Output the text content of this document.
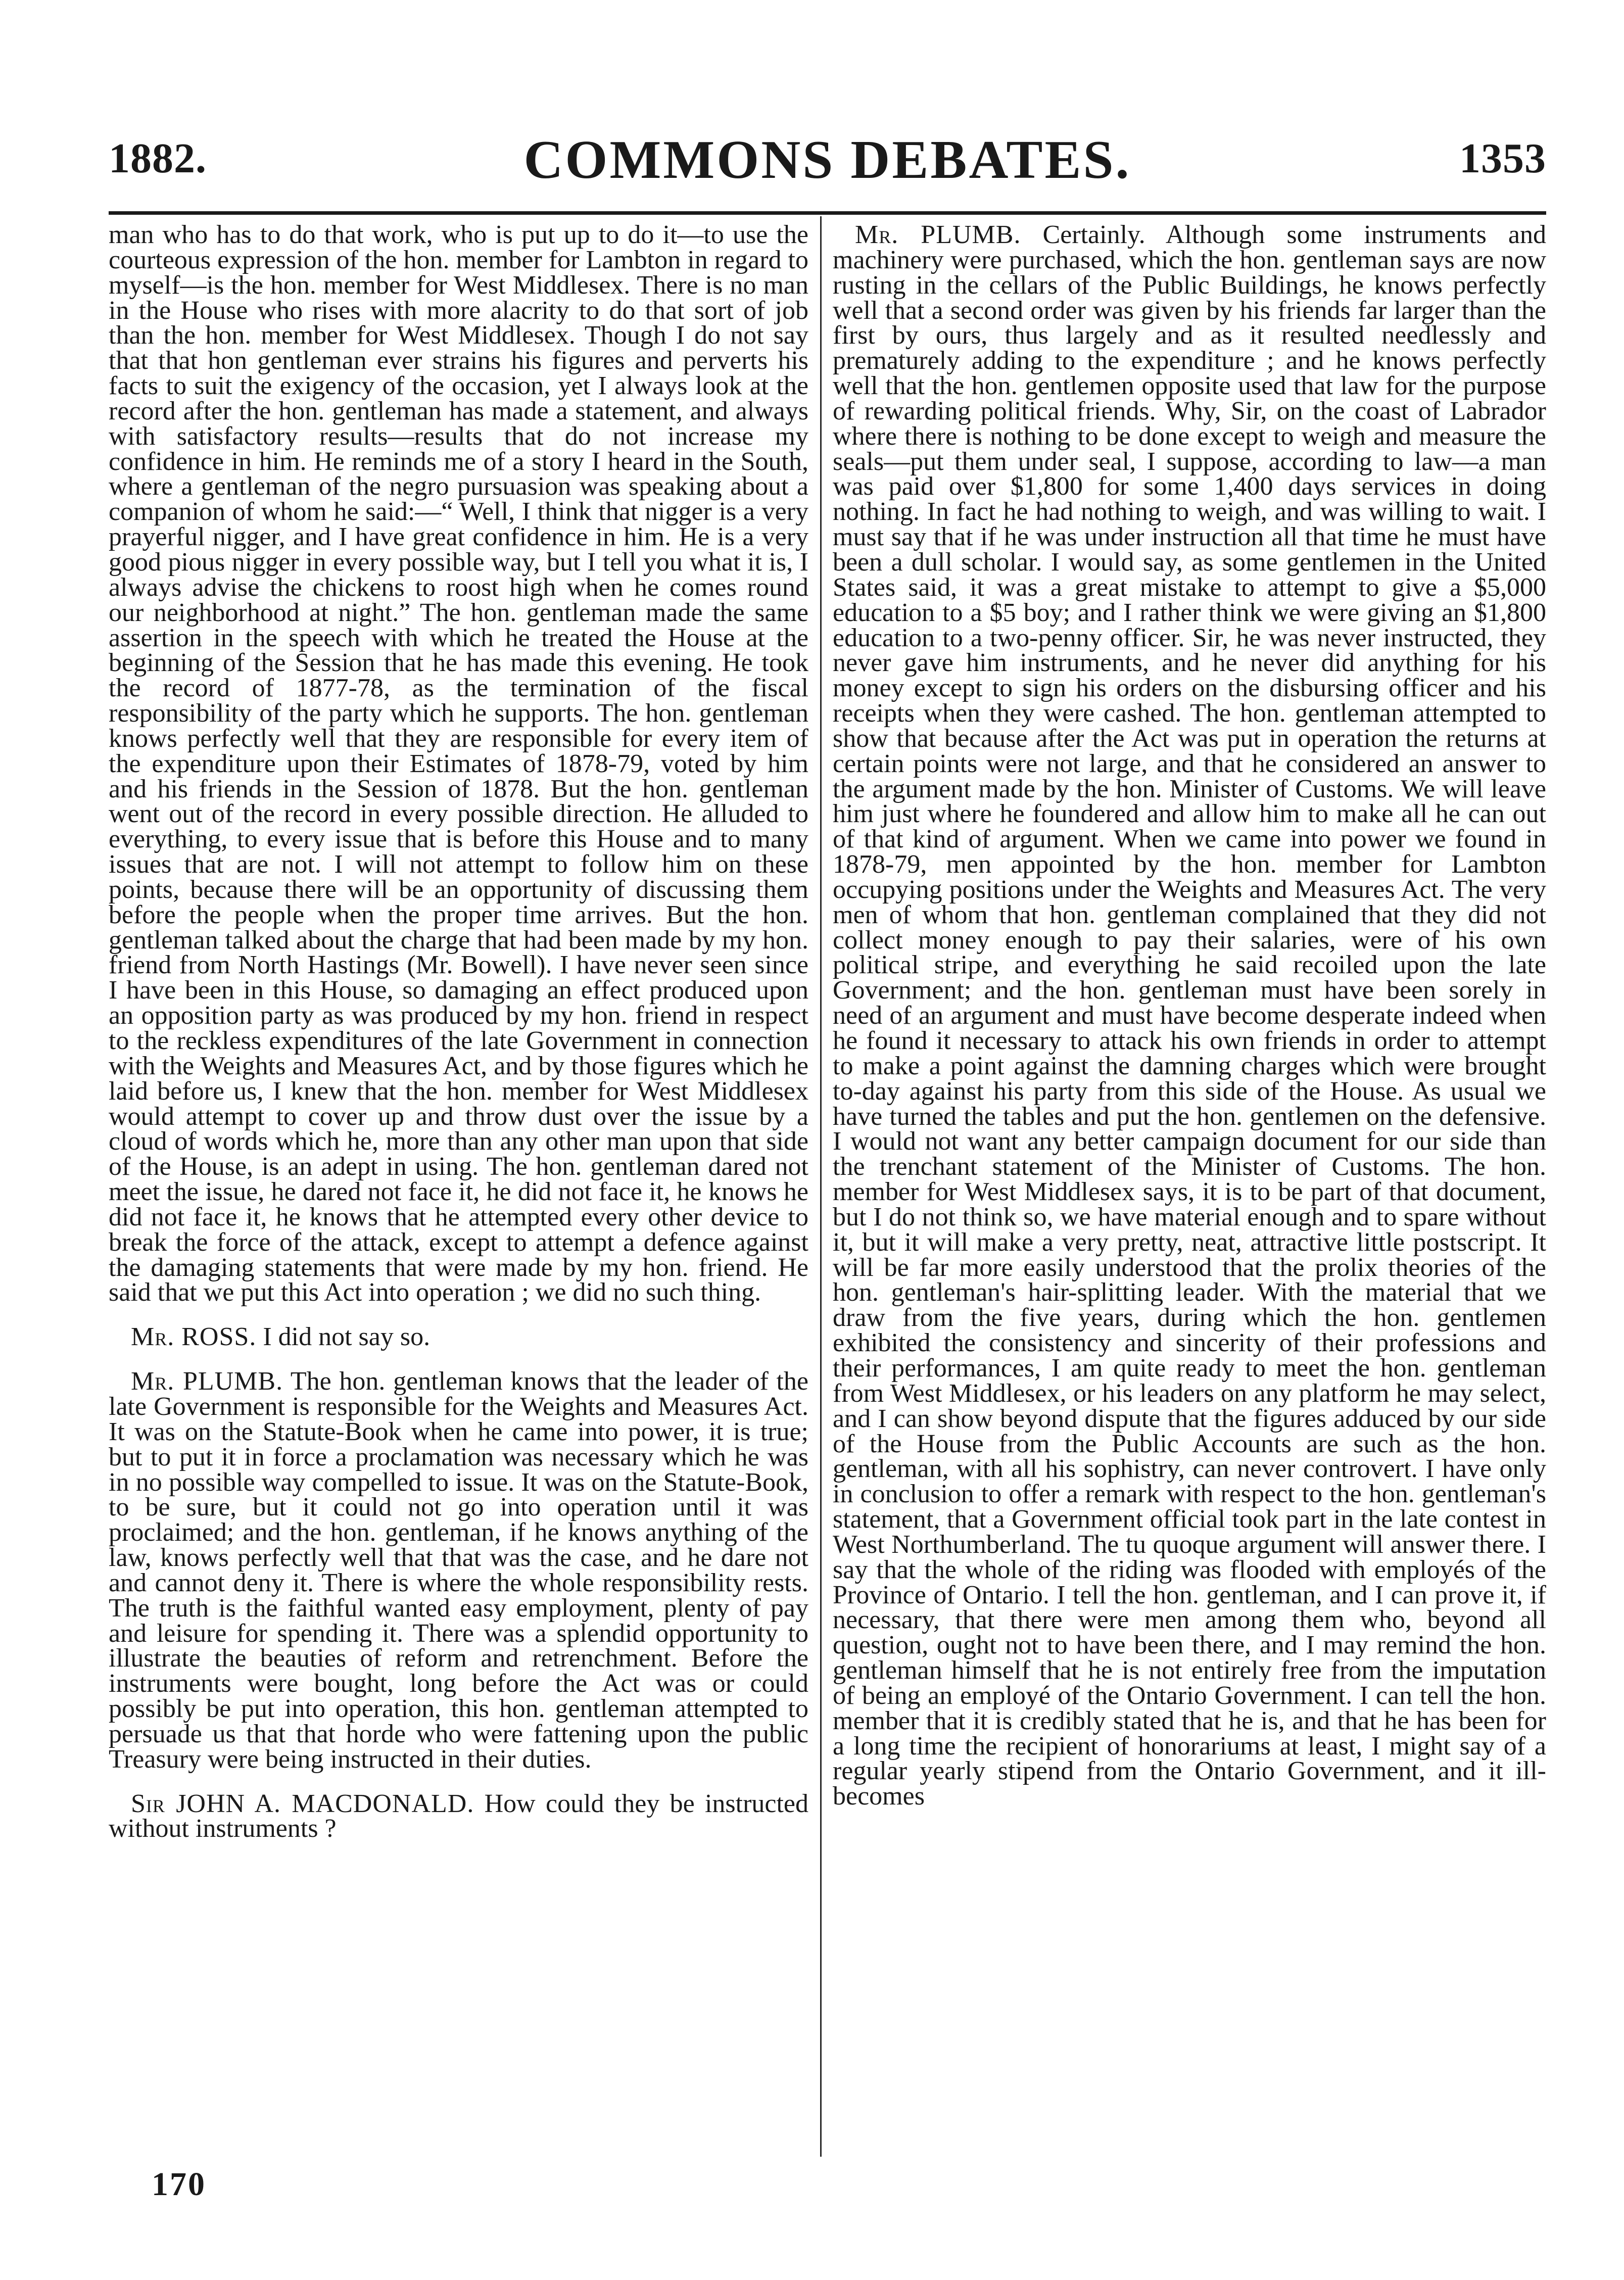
1882.	COMMONS DEBATES.	1353

man who has to do that work, who is put up to do it—to use the courteous expression of the hon. member for Lambton in regard to myself—is the hon. member for West Middlesex. There is no man in the House who rises with more alacrity to do that sort of job than the hon. member for West Middlesex. Though I do not say that that hon gentleman ever strains his figures and perverts his facts to suit the exigency of the occasion, yet I always look at the record after the hon. gentleman has made a statement, and always with satisfactory results—results that do not increase my confidence in him. He reminds me of a story I heard in the South, where a gentleman of the negro pursuasion was speaking about a companion of whom he said:—“ Well, I think that nigger is a very prayerful nigger, and I have great confidence in him. He is a very good pious nigger in every possible way, but I tell you what it is, I always advise the chickens to roost high when he comes round our neighborhood at night.” The hon. gentleman made the same assertion in the speech with which he treated the House at the beginning of the Session that he has made this evening. He took the record of 1877-78, as the termination of the fiscal responsibility of the party which he supports. The hon. gentleman knows perfectly well that they are responsible for every item of the expenditure upon their Estimates of 1878-79, voted by him and his friends in the Session of 1878. But the hon. gentleman went out of the record in every possible direction. He alluded to everything, to every issue that is before this House and to many issues that are not. I will not attempt to follow him on these points, because there will be an opportunity of discussing them before the people when the proper time arrives. But the hon. gentleman talked about the charge that had been made by my hon. friend from North Hastings (Mr. Bowell). I have never seen since I have been in this House, so damaging an effect produced upon an opposition party as was produced by my hon. friend in respect to the reckless expenditures of the late Government in connection with the Weights and Measures Act, and by those figures which he laid before us, I knew that the hon. member for West Middlesex would attempt to cover up and throw dust over the issue by a cloud of words which he, more than any other man upon that side of the House, is an adept in using. The hon. gentleman dared not meet the issue, he dared not face it, he did not face it, he knows he did not face it, he knows that he attempted every other device to break the force of the attack, except to attempt a defence against the damaging statements that were made by my hon. friend. He said that we put this Act into operation ; we did no such thing.

Mr. ROSS. I did not say so.

Mr. PLUMB. The hon. gentleman knows that the leader of the late Government is responsible for the Weights and Measures Act. It was on the Statute-Book when he came into power, it is true; but to put it in force a proclamation was necessary which he was in no possible way compelled to issue. It was on the Statute-Book, to be sure, but it could not go into operation until it was proclaimed; and the hon. gentleman, if he knows anything of the law, knows perfectly well that that was the case, and he dare not and cannot deny it. There is where the whole responsibility rests. The truth is the faithful wanted easy employment, plenty of pay and leisure for spending it. There was a splendid opportunity to illustrate the beauties of reform and retrenchment. Before the instruments were bought, long before the Act was or could possibly be put into operation, this hon. gentleman attempted to persuade us that that horde who were fattening upon the public Treasury were being instructed in their duties.

Sir JOHN A. MACDONALD. How could they be instructed without instruments ?

Mr. PLUMB. Certainly. Although some instruments and machinery were purchased, which the hon. gentleman says are now rusting in the cellars of the Public Buildings, he knows perfectly well that a second order was given by his friends far larger than the first by ours, thus largely and as it resulted needlessly and prematurely adding to the expenditure ; and he knows perfectly well that the hon. gentlemen opposite used that law for the purpose of rewarding political friends. Why, Sir, on the coast of Labrador where there is nothing to be done except to weigh and measure the seals—put them under seal, I suppose, according to law—a man was paid over $1,800 for some 1,400 days services in doing nothing. In fact he had nothing to weigh, and was willing to wait. I must say that if he was under instruction all that time he must have been a dull scholar. I would say, as some gentlemen in the United States said, it was a great mistake to attempt to give a $5,000 education to a $5 boy; and I rather think we were giving an $1,800 education to a two-penny officer. Sir, he was never instructed, they never gave him instruments, and he never did anything for his money except to sign his orders on the disbursing officer and his receipts when they were cashed. The hon. gentleman attempted to show that because after the Act was put in operation the returns at certain points were not large, and that he considered an answer to the argument made by the hon. Minister of Customs. We will leave him just where he foundered and allow him to make all he can out of that kind of argument. When we came into power we found in 1878-79, men appointed by the hon. member for Lambton occupying positions under the Weights and Measures Act. The very men of whom that hon. gentleman complained that they did not collect money enough to pay their salaries, were of his own political stripe, and everything he said recoiled upon the late Government; and the hon. gentleman must have been sorely in need of an argument and must have become desperate indeed when he found it necessary to attack his own friends in order to attempt to make a point against the damning charges which were brought to-day against his party from this side of the House. As usual we have turned the tables and put the hon. gentlemen on the defensive. I would not want any better campaign document for our side than the trenchant statement of the Minister of Customs. The hon. member for West Middlesex says, it is to be part of that document, but I do not think so, we have material enough and to spare without it, but it will make a very pretty, neat, attractive little postscript. It will be far more easily understood that the prolix theories of the hon. gentleman's hair-splitting leader. With the material that we draw from the five years, during which the hon. gentlemen exhibited the consistency and sincerity of their professions and their performances, I am quite ready to meet the hon. gentleman from West Middlesex, or his leaders on any platform he may select, and I can show beyond dispute that the figures adduced by our side of the House from the Public Accounts are such as the hon. gentleman, with all his sophistry, can never controvert. I have only in conclusion to offer a remark with respect to the hon. gentleman's statement, that a Government official took part in the late contest in West Northumberland. The tu quoque argument will answer there. I say that the whole of the riding was flooded with employés of the Province of Ontario. I tell the hon. gentleman, and I can prove it, if necessary, that there were men among them who, beyond all question, ought not to have been there, and I may remind the hon. gentleman himself that he is not entirely free from the imputation of being an employé of the Ontario Government. I can tell the hon. member that it is credibly stated that he is, and that he has been for a long time the recipient of honorariums at least, I might say of a regular yearly stipend from the Ontario Government, and it ill-becomes

170
